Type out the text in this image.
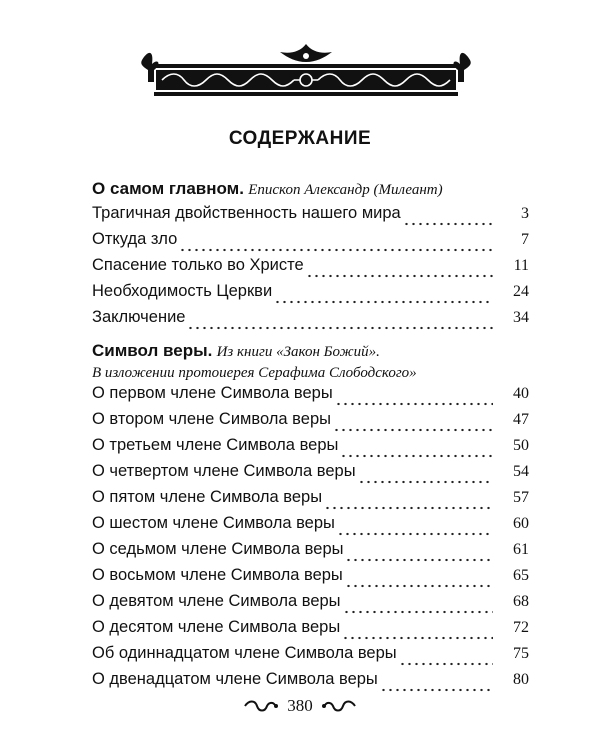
СОДЕРЖАНИЕ
О самом главном. Епископ Александр (Милеант)
Трагичная двойственность нашего мира	3
Откуда зло	7
Спасение только во Христе	11
Необходимость Церкви	24
Заключение	34
Символ веры. Из книги «Закон Божий».
В изложении протоиерея Серафима Слободского»
О первом члене Символа веры	40
О втором члене Символа веры	47
О третьем члене Символа веры	50
О четвертом члене Символа веры	54
О пятом члене Символа веры	57
О шестом члене Символа веры	60
О седьмом члене Символа веры	61
О восьмом члене Символа веры	65
О девятом члене Символа веры	68
О десятом члене Символа веры	72
Об одиннадцатом члене Символа веры	75
О двенадцатом члене Символа веры	80
380
